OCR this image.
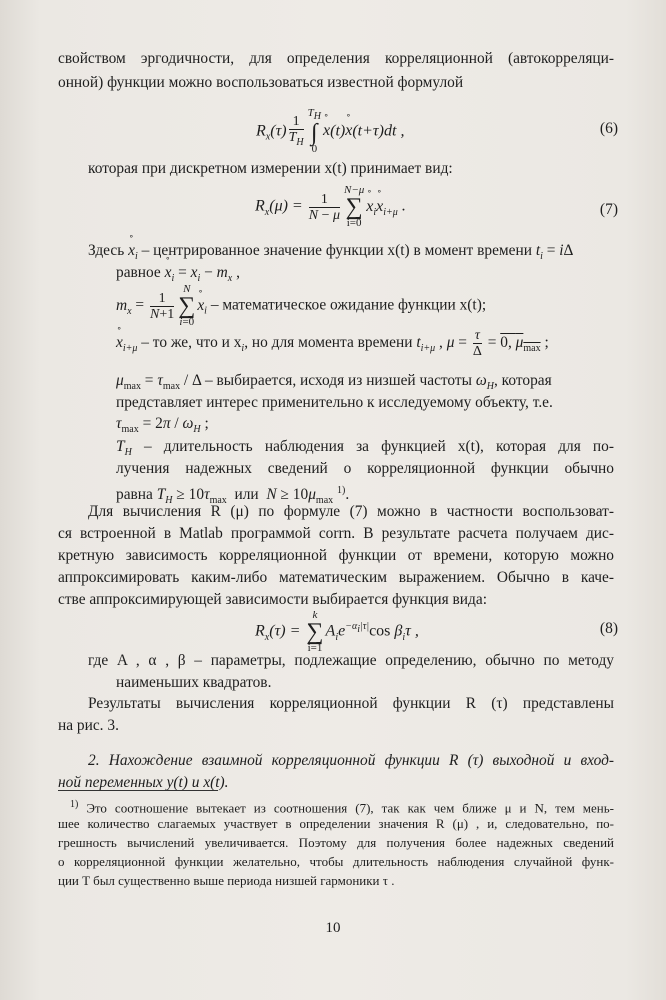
свойством эргодичности, для определения корреляционной (автокорреляци-
онной) функции можно воспользоваться известной формулой
$R_x(\tau) \frac{1}{T_H}$
$T_H$
∫
0
˚ x(t)˚ x(t+τ)dt ,	(6)
которая при дискретном измерении x(t) принимает вид:
$R_x(\mu) = \frac{1}{N - \mu}$
N−μ
∑
i=0
˚ $x_i˚$ $x_{i+\mu}$ .	(7)
Здесь ˚ $x_i$ – центрированное значение функции x(t) в момент времени $t_i = i\Delta$
равное ˚ $x_i = x_i - m_x$ ,
$m_x = \frac{1}{N+1}$
N
∑
i=0
˚ $x_i$ – математическое ожидание функции x(t);
˚ $x_{i+\mu}$ – то же, что и $x_i$, но для момента времени $t_{i+\mu}$ , $\mu = \frac{\tau}{\Delta} = 0$, $\mu_{max}$ ;
$\mu_{max} = \tau_{max} / \Delta$ – выбирается, исходя из низшей частоты $\omega_H$, которая
представляет интерес применительно к исследуемому объекту, т.е.
$\tau_{max} = 2\pi / \omega_H$ ;
$T_H$ – длительность наблюдения за функцией x(t), которая для по-
лучения надежных сведений о корреляционной функции обычно
равна $T_H \ge 10\tau_{max}$ или $N \ge 10\mu_{max}$ $^{1)}$.
Для вычисления R (μ) по формуле (7) можно в частности воспользоват-
ся встроенной в Matlab программой corrn. В результате расчета получаем дис-
кретную зависимость корреляционной функции от времени, которую можно
аппроксимировать каким-либо математическим выражением. Обычно в каче-
стве аппроксимирующей зависимости выбирается функция вида:
$R_x(\tau)$ =
k
∑
i=1
$A_ie^{-\alpha_i|\tau|}\cos$ $\beta_i\tau$ ,	(8)
где A , α , β – параметры, подлежащие определению, обычно по методу
наименьших квадратов.
Результаты вычисления корреляционной функции R (τ) представлены
на рис. 3.
2. Нахождение взаимной корреляционной функции R (τ) выходной и вход-
ной переменных y(t) и x(t).
$^{1)}$ Это соотношение вытекает из соотношения (7), так как чем ближе μ и N, тем мень-
шее количество слагаемых участвует в определении значения R (μ) , и, следовательно, по-
грешность вычислений увеличивается. Поэтому для получения более надежных сведений
о корреляционной функции желательно, чтобы длительность наблюдения случайной функ-
ции T был существенно выше периода низшей гармоники τ .
10
